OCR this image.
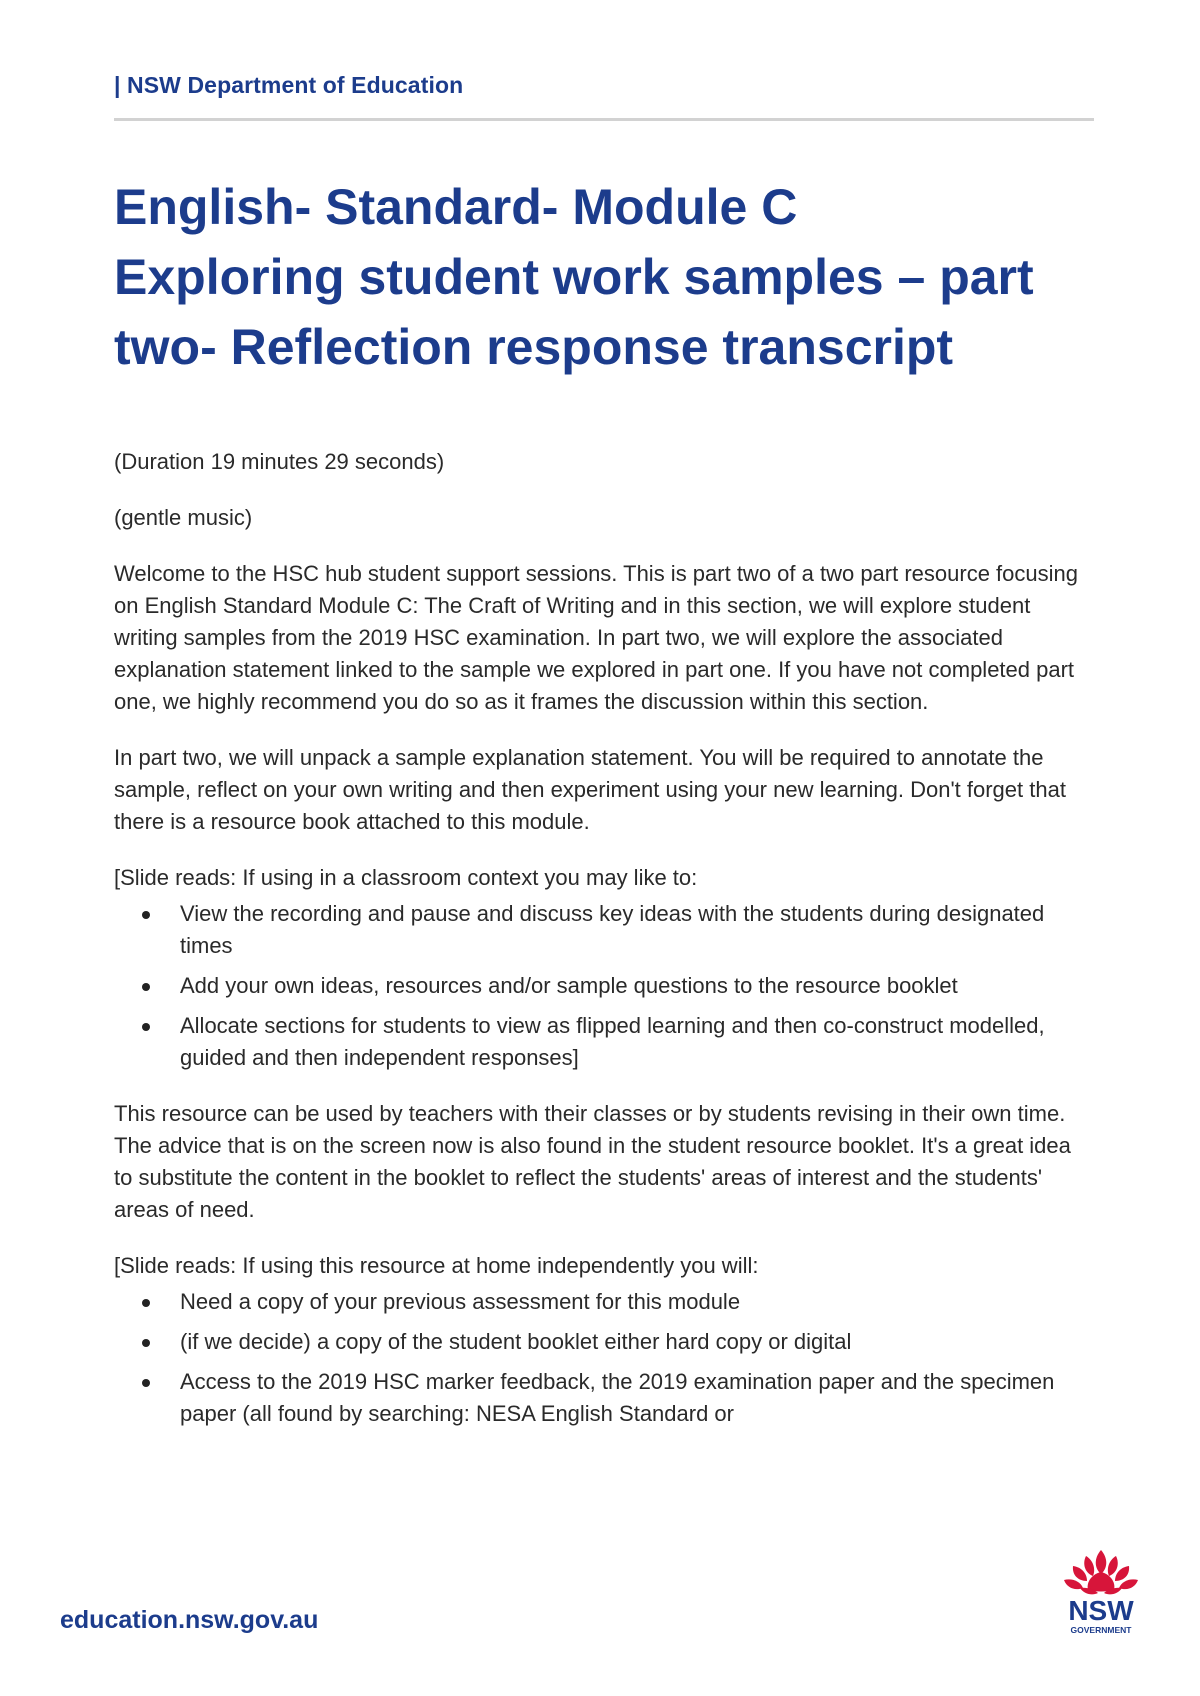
| NSW Department of Education
English- Standard- Module C
Exploring student work samples – part
two- Reflection response transcript

(Duration 19 minutes 29 seconds)

(gentle music)

Welcome to the HSC hub student support sessions. This is part two of a two part resource focusing on English Standard Module C: The Craft of Writing and in this section, we will explore student writing samples from the 2019 HSC examination. In part two, we will explore the associated explanation statement linked to the sample we explored in part one. If you have not completed part one, we highly recommend you do so as it frames the discussion within this section.

In part two, we will unpack a sample explanation statement. You will be required to annotate the sample, reflect on your own writing and then experiment using your new learning. Don't forget that there is a resource book attached to this module.

[Slide reads: If using in a classroom context you may like to:

View the recording and pause and discuss key ideas with the students during designated times
Add your own ideas, resources and/or sample questions to the resource booklet
Allocate sections for students to view as flipped learning and then co-construct modelled, guided and then independent responses]

This resource can be used by teachers with their classes or by students revising in their own time. The advice that is on the screen now is also found in the student resource booklet. It's a great idea to substitute the content in the booklet to reflect the students' areas of interest and the students' areas of need.

[Slide reads: If using this resource at home independently you will:

Need a copy of your previous assessment for this module
(if we decide) a copy of the student booklet either hard copy or digital
Access to the 2019 HSC marker feedback, the 2019 examination paper and the specimen paper (all found by searching: NESA English Standard or
education.nsw.gov.au	NSW
GOVERNMENT
